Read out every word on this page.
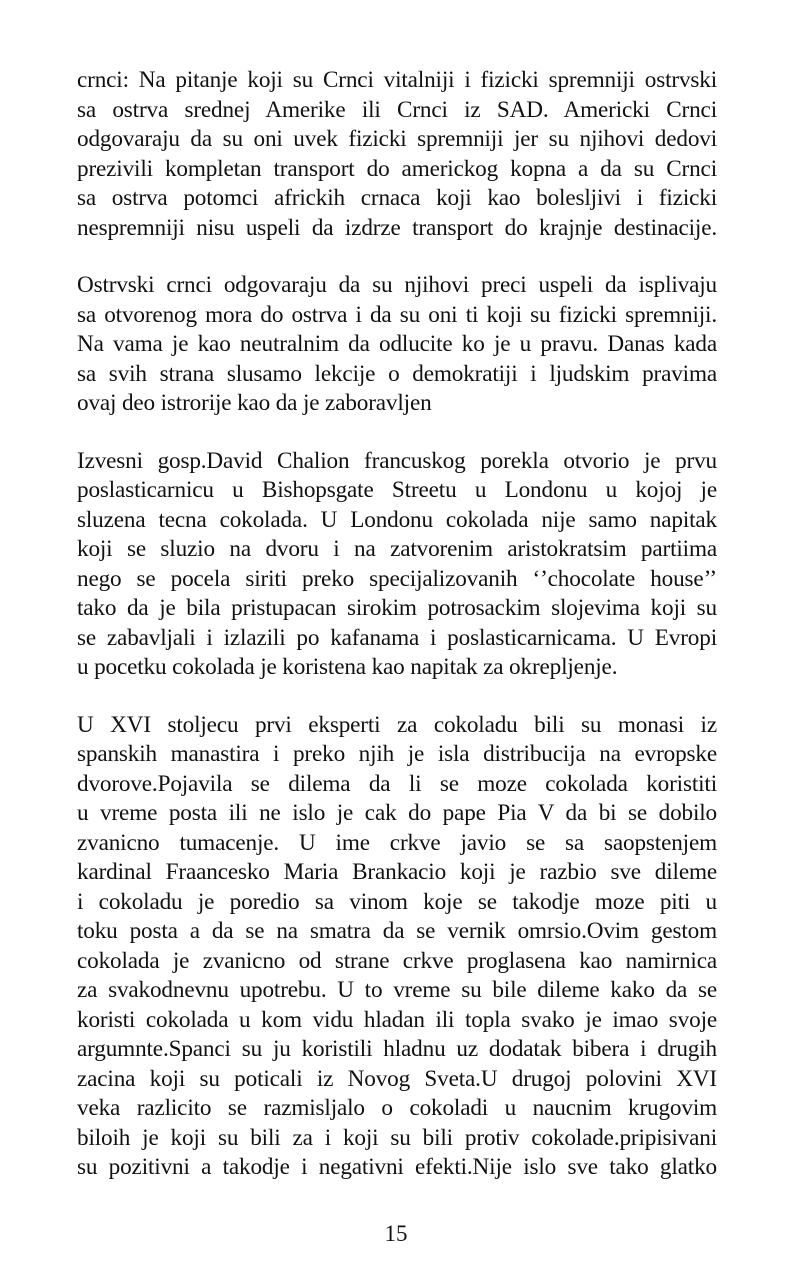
crnci: Na pitanje koji su Crnci vitalniji i fizicki spremniji ostrvski
sa ostrva srednej Amerike ili Crnci iz SAD. Americki Crnci
odgovaraju da su oni uvek fizicki spremniji jer su njihovi dedovi
prezivili kompletan transport do americkog kopna a da su Crnci
sa ostrva potomci africkih crnaca koji kao bolesljivi i fizicki
nespremniji nisu uspeli da izdrze transport do krajnje destinacije.
Ostrvski crnci odgovaraju da su njihovi preci uspeli da isplivaju
sa otvorenog mora do ostrva i da su oni ti koji su fizicki spremniji.
Na vama je kao neutralnim da odlucite ko je u pravu. Danas kada
sa svih strana slusamo lekcije o demokratiji i ljudskim pravima
ovaj deo istrorije kao da je zaboravljen
Izvesni gosp.David Chalion francuskog porekla otvorio je prvu
poslasticarnicu u Bishopsgate Streetu u Londonu u kojoj je
sluzena tecna cokolada. U Londonu cokolada nije samo napitak
koji se sluzio na dvoru i na zatvorenim aristokratsim partiima
nego se pocela siriti preko specijalizovanih ‘’chocolate house’’
tako da je bila pristupacan sirokim potrosackim slojevima koji su
se zabavljali i izlazili po kafanama i poslasticarnicama. U Evropi
u pocetku cokolada je koristena kao napitak za okrepljenje.
U XVI stoljecu prvi eksperti za cokoladu bili su monasi iz
spanskih manastira i preko njih je isla distribucija na evropske
dvorove.Pojavila se dilema da li se moze cokolada koristiti
u vreme posta ili ne islo je cak do pape Pia V da bi se dobilo
zvanicno tumacenje. U ime crkve javio se sa saopstenjem
kardinal Fraancesko Maria Brankacio koji je razbio sve dileme
i cokoladu je poredio sa vinom koje se takodje moze piti u
toku posta a da se na smatra da se vernik omrsio.Ovim gestom
cokolada je zvanicno od strane crkve proglasena kao namirnica
za svakodnevnu upotrebu. U to vreme su bile dileme kako da se
koristi cokolada u kom vidu hladan ili topla svako je imao svoje
argumnte.Spanci su ju koristili hladnu uz dodatak bibera i drugih
zacina koji su poticali iz Novog Sveta.U drugoj polovini XVI
veka razlicito se razmisljalo o cokoladi u naucnim krugovim
biloih je koji su bili za i koji su bili protiv cokolade.pripisivani
su pozitivni a takodje i negativni efekti.Nije islo sve tako glatko
15
